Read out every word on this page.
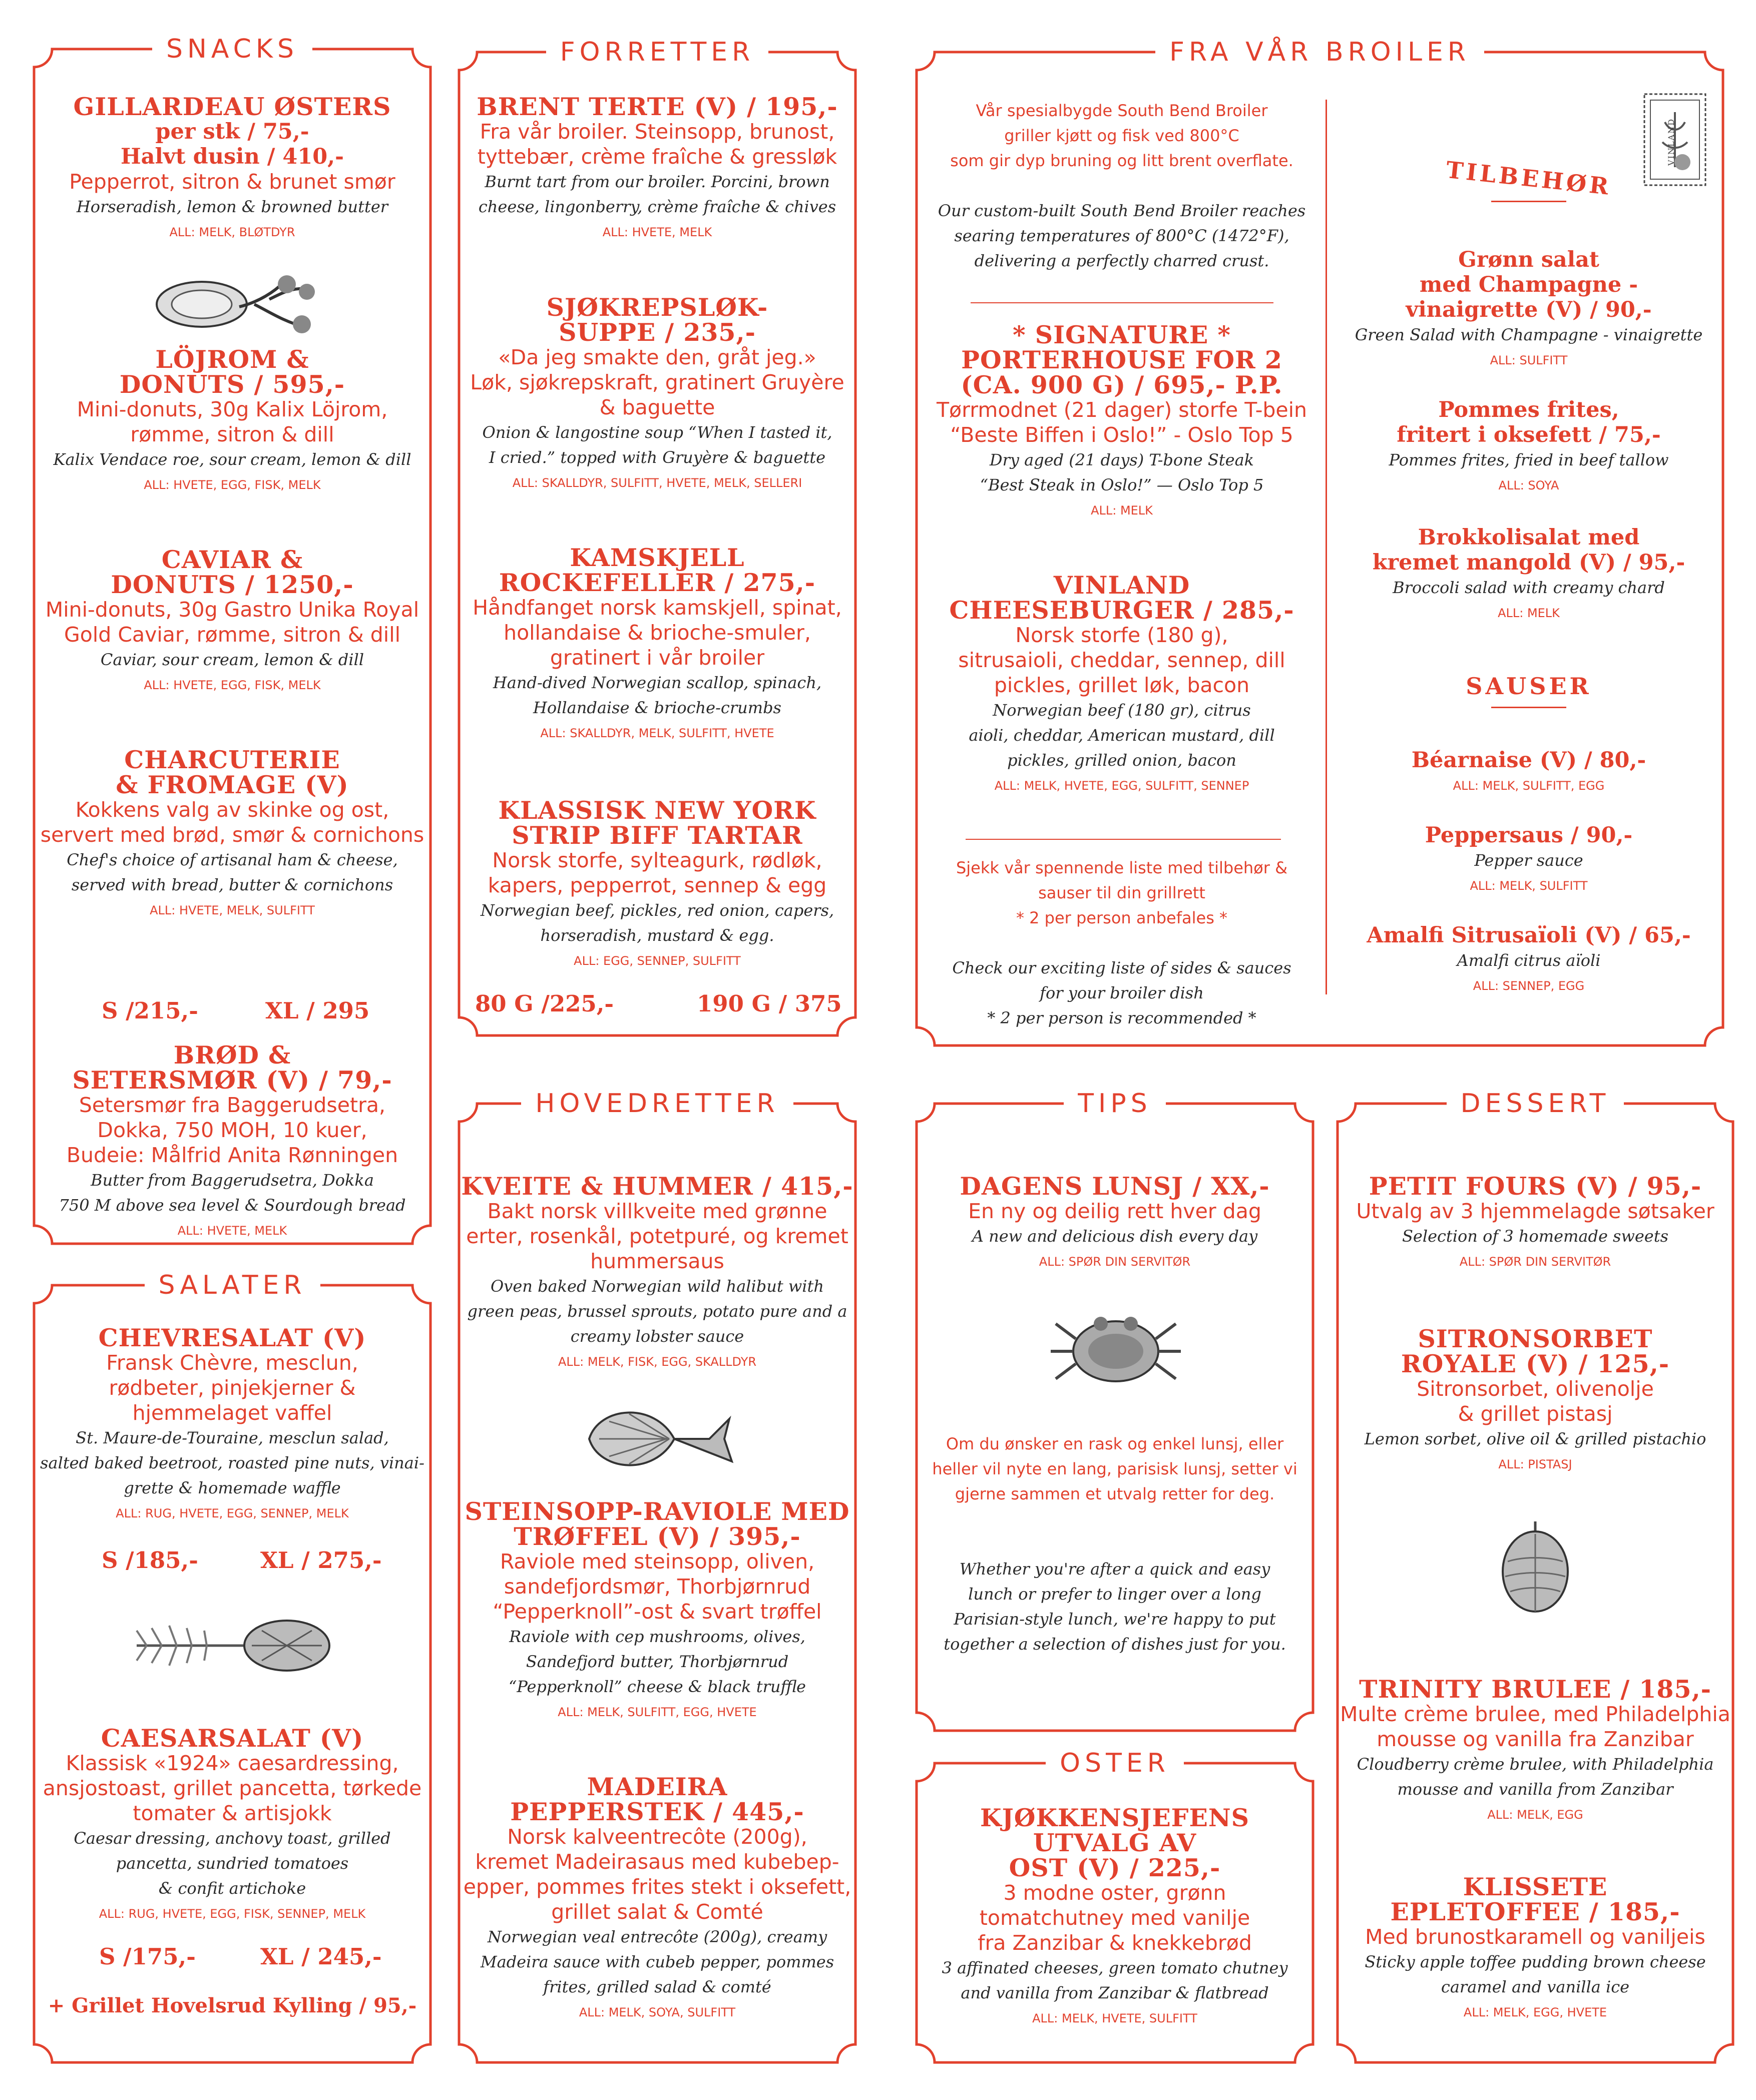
SNACKS
GILLARDEAU ØSTERS
per stk / 75,-
Halvt dusin / 410,-
Pepperrot, sitron & brunet smør
Horseradish, lemon & browned butter
ALL: MELK, BLØTDYR
LÖJROM &
DONUTS / 595,-
Mini-donuts, 30g Kalix Löjrom,
rømme, sitron & dill
Kalix Vendace roe, sour cream, lemon & dill
ALL: HVETE, EGG, FISK, MELK
CAVIAR &
DONUTS / 1250,-
Mini-donuts, 30g Gastro Unika Royal
Gold Caviar, rømme, sitron & dill
Caviar, sour cream, lemon & dill
ALL: HVETE, EGG, FISK, MELK
CHARCUTERIE
& FROMAGE (V)
Kokkens valg av skinke og ost,
servert med brød, smør & cornichons
Chef's choice of artisanal ham & cheese,
served with bread, butter & cornichons
ALL: HVETE, MELK, SULFITT
S /215,-	XL / 295
BRØD &
SETERSMØR (V) / 79,-
Setersmør fra Baggerudsetra,
Dokka, 750 MOH, 10 kuer,
Budeie: Målfrid Anita Rønningen
Butter from Baggerudsetra, Dokka
750 M above sea level & Sourdough bread
ALL: HVETE, MELK
SALATER
CHEVRESALAT (V)
Fransk Chèvre, mesclun,
rødbeter, pinjekjerner &
hjemmelaget vaffel
St. Maure-de-Touraine, mesclun salad,
salted baked beetroot, roasted pine nuts, vinai-
grette & homemade waffle
ALL: RUG, HVETE, EGG, SENNEP, MELK
S /185,-	XL / 275,-
CAESARSALAT (V)
Klassisk «1924» caesardressing,
ansjostoast, grillet pancetta, tørkede
tomater & artisjokk
Caesar dressing, anchovy toast, grilled
pancetta, sundried tomatoes
& confit artichoke
ALL: RUG, HVETE, EGG, FISK, SENNEP, MELK
S /175,-	XL / 245,-
+ Grillet Hovelsrud Kylling / 95,-
FORRETTER
BRENT TERTE (V) / 195,-
Fra vår broiler. Steinsopp, brunost,
tyttebær, crème fraîche & gressløk
Burnt tart from our broiler. Porcini, brown
cheese, lingonberry, crème fraîche & chives
ALL: HVETE, MELK
SJØKREPSLØK-
SUPPE / 235,-
«Da jeg smakte den, gråt jeg.»
Løk, sjøkrepskraft, gratinert Gruyère
& baguette
Onion & langostine soup “When I tasted it,
I cried.” topped with Gruyère & baguette
ALL: SKALLDYR, SULFITT, HVETE, MELK, SELLERI
KAMSKJELL
ROCKEFELLER / 275,-
Håndfanget norsk kamskjell, spinat,
hollandaise & brioche-smuler,
gratinert i vår broiler
Hand-dived Norwegian scallop, spinach,
Hollandaise & brioche-crumbs
ALL: SKALLDYR, MELK, SULFITT, HVETE
KLASSISK NEW YORK
STRIP BIFF TARTAR
Norsk storfe, sylteagurk, rødløk,
kapers, pepperrot, sennep & egg
Norwegian beef, pickles, red onion, capers,
horseradish, mustard & egg.
ALL: EGG, SENNEP, SULFITT
80 G /225,-	190 G / 375
HOVEDRETTER
KVEITE & HUMMER / 415,-
Bakt norsk villkveite med grønne
erter, rosenkål, potetpuré, og kremet
hummersaus
Oven baked Norwegian wild halibut with
green peas, brussel sprouts, potato pure and a
creamy lobster sauce
ALL: MELK, FISK, EGG, SKALLDYR
STEINSOPP-RAVIOLE MED
TRØFFEL (V) / 395,-
Raviole med steinsopp, oliven,
sandefjordsmør, Thorbjørnrud
“Pepperknoll”-ost & svart trøffel
Raviole with cep mushrooms, olives,
Sandefjord butter, Thorbjørnrud
“Pepperknoll” cheese & black truffle
ALL: MELK, SULFITT, EGG, HVETE
MADEIRA
PEPPERSTEK / 445,-
Norsk kalveentrecôte (200g),
kremet Madeirasaus med kubebep-
epper, pommes frites stekt i oksefett,
grillet salat & Comté
Norwegian veal entrecôte (200g), creamy
Madeira sauce with cubeb pepper, pommes
frites, grilled salad & comté
ALL: MELK, SOYA, SULFITT
FRA VÅR BROILER
Vår spesialbygde South Bend Broiler
griller kjøtt og fisk ved 800°C
som gir dyp bruning og litt brent overflate.
Our custom-built South Bend Broiler reaches
searing temperatures of 800°C (1472°F),
delivering a perfectly charred crust.
* SIGNATURE *
PORTERHOUSE FOR 2
(CA. 900 G) / 695,- P.P.
Tørrmodnet (21 dager) storfe T-bein
“Beste Biffen i Oslo!” - Oslo Top 5
Dry aged (21 days) T-bone Steak
“Best Steak in Oslo!” — Oslo Top 5
ALL: MELK
VINLAND
CHEESEBURGER / 285,-
Norsk storfe (180 g),
sitrusaioli, cheddar, sennep, dill
pickles, grillet løk, bacon
Norwegian beef (180 gr), citrus
aioli, cheddar, American mustard, dill
pickles, grilled onion, bacon
ALL: MELK, HVETE, EGG, SULFITT, SENNEP
Sjekk vår spennende liste med tilbehør &
sauser til din grillrett
* 2 per person anbefales *
Check our exciting liste of sides & sauces
for your broiler dish
* 2 per person is recommended *
VINLAND
TILBEHØR
Grønn salat
med Champagne -
vinaigrette (V) / 90,-
Green Salad with Champagne - vinaigrette
ALL: SULFITT
Pommes frites,
fritert i oksefett / 75,-
Pommes frites, fried in beef tallow
ALL: SOYA
Brokkolisalat med
kremet mangold (V) / 95,-
Broccoli salad with creamy chard
ALL: MELK
SAUSER
Béarnaise (V) / 80,-
ALL: MELK, SULFITT, EGG
Peppersaus / 90,-
Pepper sauce
ALL: MELK, SULFITT
Amalfi Sitrusaïoli (V) / 65,-
Amalfi citrus aïoli
ALL: SENNEP, EGG
TIPS
DAGENS LUNSJ / XX,-
En ny og deilig rett hver dag
A new and delicious dish every day
ALL: SPØR DIN SERVITØR
Om du ønsker en rask og enkel lunsj, eller
heller vil nyte en lang, parisisk lunsj, setter vi
gjerne sammen et utvalg retter for deg.
Whether you're after a quick and easy
lunch or prefer to linger over a long
Parisian-style lunch, we're happy to put
together a selection of dishes just for you.
OSTER
KJØKKENSJEFENS
UTVALG AV
OST (V) / 225,-
3 modne oster, grønn
tomatchutney med vanilje
fra Zanzibar & knekkebrød
3 affinated cheeses, green tomato chutney
and vanilla from Zanzibar & flatbread
ALL: MELK, HVETE, SULFITT
DESSERT
PETIT FOURS (V) / 95,-
Utvalg av 3 hjemmelagde søtsaker
Selection of 3 homemade sweets
ALL: SPØR DIN SERVITØR
SITRONSORBET
ROYALE (V) / 125,-
Sitronsorbet, olivenolje
& grillet pistasj
Lemon sorbet, olive oil & grilled pistachio
ALL: PISTASJ
TRINITY BRULEE / 185,-
Multe crème brulee, med Philadelphia
mousse og vanilla fra Zanzibar
Cloudberry crème brulee, with Philadelphia
mousse and vanilla from Zanzibar
ALL: MELK, EGG
KLISSETE
EPLETOFFEE / 185,-
Med brunostkaramell og vaniljeis
Sticky apple toffee pudding brown cheese
caramel and vanilla ice
ALL: MELK, EGG, HVETE
